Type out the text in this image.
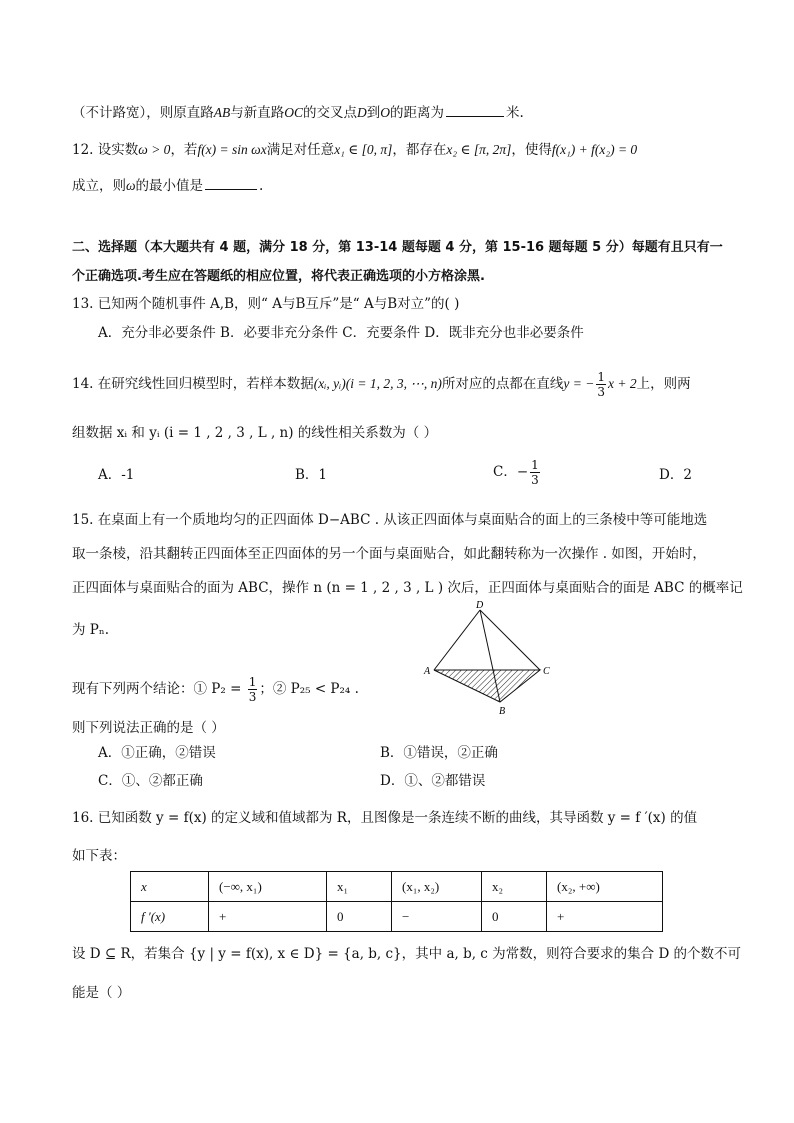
（不计路宽），则原直路AB与新直路OC的交叉点D到O的距离为	米.
12. 设实数ω > 0，若f(x) = sin ωx满足对任意x₁ ∈ [0, π]，都存在x₂ ∈ [π, 2π]，使得f(x₁) + f(x₂) = 0
成立，则ω的最小值是	.
二、选择题（本大题共有 4 题，满分 18 分，第 13-14 题每题 4 分，第 15-16 题每题 5 分）每题有且只有一
个正确选项.考生应在答题纸的相应位置，将代表正确选项的小方格涂黑.
13. 已知两个随机事件 A,B，则“ A与B互斥”是“ A与B对立”的( )
A．充分非必要条件 B．必要非充分条件 C．充要条件 D．既非充分也非必要条件
14. 在研究线性回归模型时，若样本数据(xᵢ, yᵢ)(i = 1, 2, 3, ⋯, n)所对应的点都在直线y = − $\frac{1}{3}$ x + 2上，则两
组数据 xᵢ 和 yᵢ (i = 1 , 2 , 3 , L , n) 的线性相关系数为（ ）
A．-1	B．1	C．− $\frac{1}{3}$	D．2
15. 在桌面上有一个质地均匀的正四面体 D−ABC . 从该正四面体与桌面贴合的面上的三条棱中等可能地选
取一条棱，沿其翻转正四面体至正四面体的另一个面与桌面贴合，如此翻转称为一次操作 . 如图，开始时，
正四面体与桌面贴合的面为 ABC，操作 n (n = 1 , 2 , 3 , L ) 次后，正四面体与桌面贴合的面是 ABC 的概率记
为 Pₙ.
现有下列两个结论：① $P_2 = \frac{1}{3}$ ；② P₂₅ < P₂₄ .
D
A	C
B
则下列说法正确的是（ ）
A．①正确，②错误	B．①错误，②正确
C．①、②都正确	D．①、②都错误
16. 已知函数 y = f(x) 的定义域和值域都为 R，且图像是一条连续不断的曲线，其导函数 y = f ′(x) 的值
如下表：
x	(−∞, x₁)	x₁	(x₁, x₂)	x₂	(x₂, +∞)
f ′(x)	+	0	−	0	+
设 D ⊆ R，若集合 {y | y = f(x), x ∈ D} = {a, b, c}，其中 a, b, c 为常数，则符合要求的集合 D 的个数不可
能是（ ）
